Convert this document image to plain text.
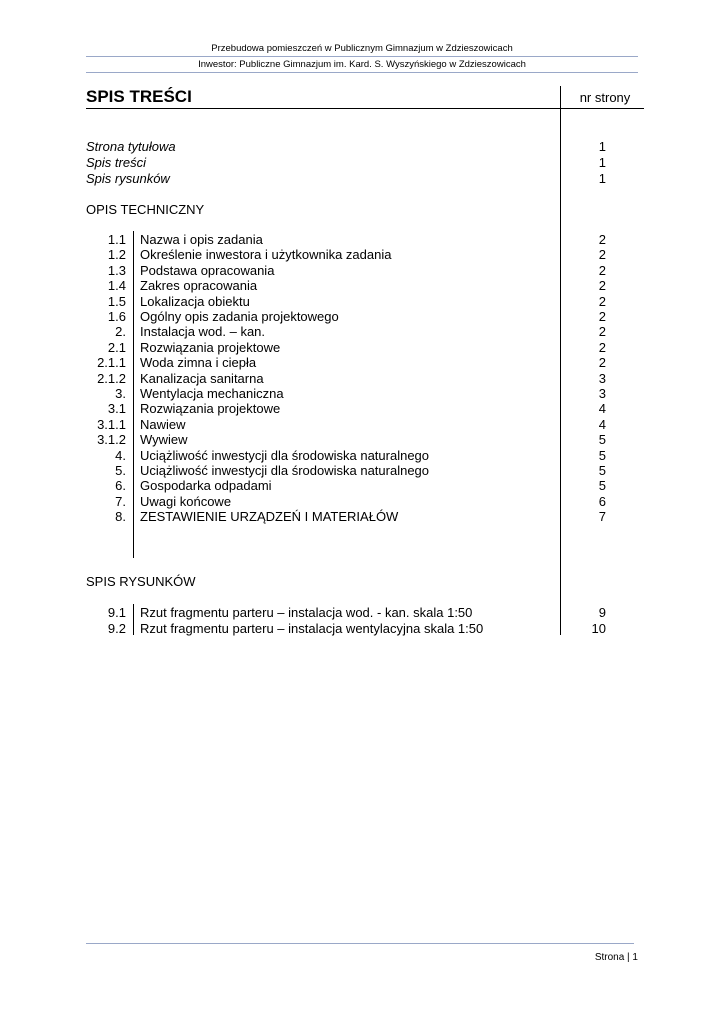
Przebudowa pomieszczeń w Publicznym Gimnazjum w Zdzieszowicach
Inwestor: Publiczne Gimnazjum im. Kard. S. Wyszyńskiego w Zdzieszowicach
SPIS TREŚCI	nr strony
Strona tytułowa	1
Spis treści	1
Spis rysunków	1
OPIS TECHNICZNY
1.1 Nazwa i opis zadania	2
1.2 Określenie inwestora i użytkownika zadania	2
1.3 Podstawa opracowania	2
1.4 Zakres opracowania	2
1.5 Lokalizacja obiektu	2
1.6 Ogólny opis zadania projektowego	2
2. Instalacja wod. – kan.	2
2.1 Rozwiązania projektowe	2
2.1.1 Woda zimna i ciepła	2
2.1.2 Kanalizacja sanitarna	3
3. Wentylacja mechaniczna	3
3.1 Rozwiązania projektowe	4
3.1.1 Nawiew	4
3.1.2 Wywiew	5
4. Uciążliwość inwestycji dla środowiska naturalnego	5
5. Uciążliwość inwestycji dla środowiska naturalnego	5
6. Gospodarka odpadami	5
7. Uwagi końcowe	6
8. ZESTAWIENIE URZĄDZEŃ I MATERIAŁÓW	7
SPIS RYSUNKÓW
9.1 Rzut fragmentu parteru – instalacja wod. - kan. skala 1:50	9
9.2 Rzut fragmentu parteru – instalacja wentylacyjna skala 1:50	10
Strona | 1
